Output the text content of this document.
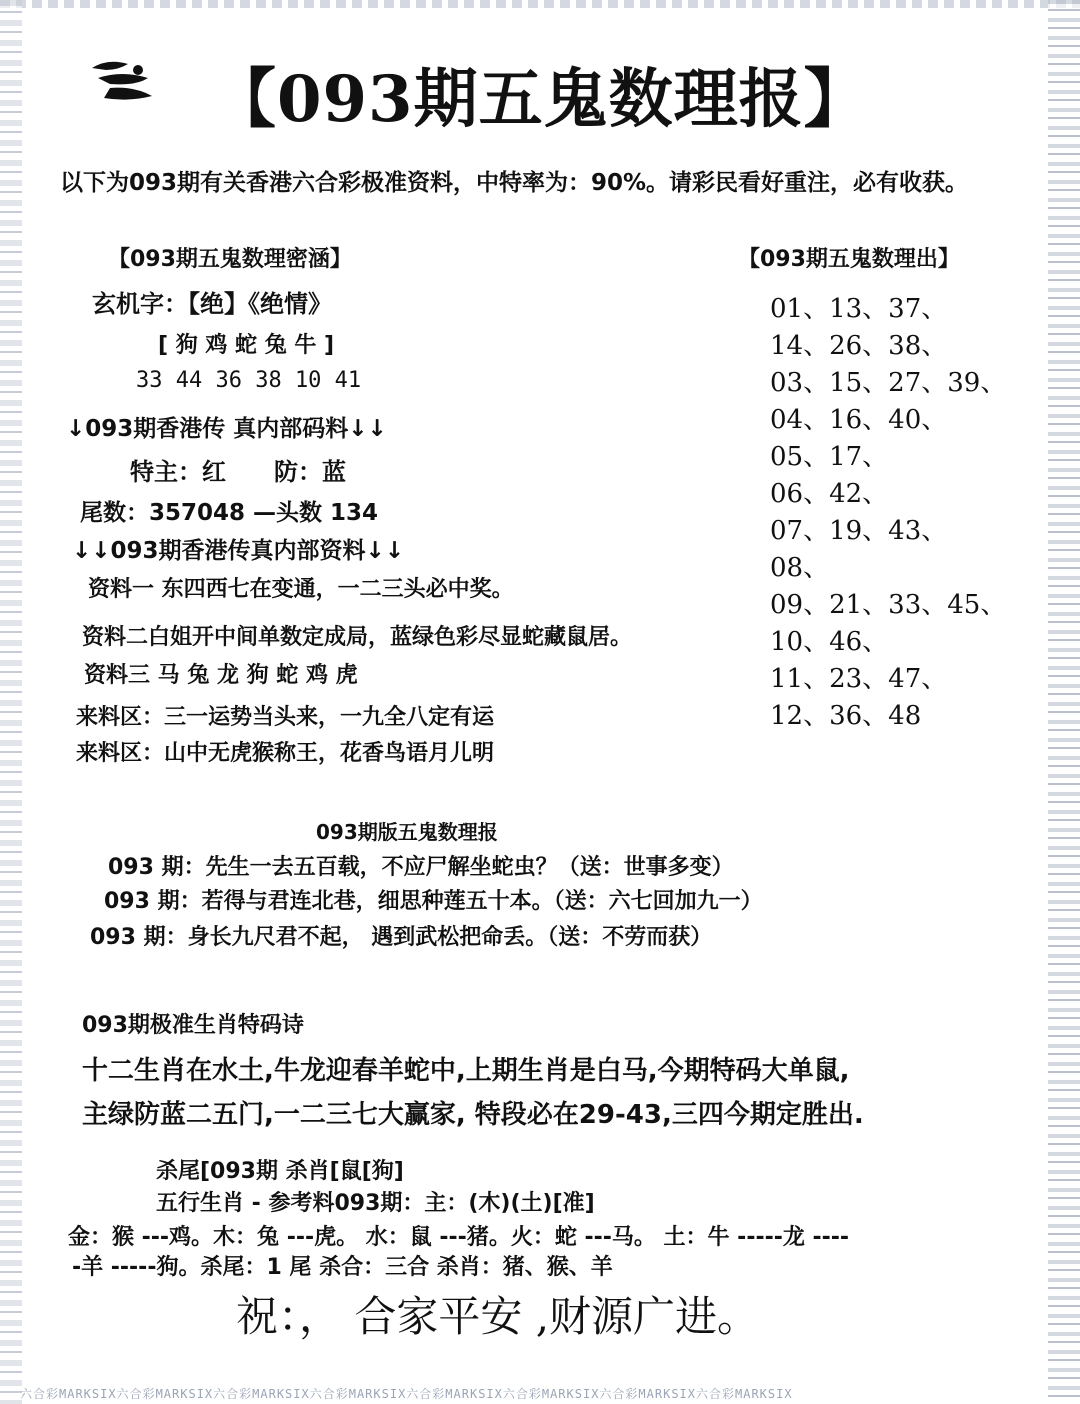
【093期五鬼数理报】
以下为093期有关香港六合彩极准资料，中特率为：90%。请彩民看好重注，必有收获。
【093期五鬼数理密涵】
玄机字：【绝】《绝情》
[ 狗 鸡 蛇 兔 牛 ]
33 44 36 38 10 41
↓093期香港传 真内部码料↓↓
特主：红　　防：蓝
尾数：357048 —头数 134
↓↓093期香港传真内部资料↓↓
资料一 东四西七在变通，一二三头必中奖。
资料二白姐开中间单数定成局，蓝绿色彩尽显蛇藏鼠居。
资料三 马 兔 龙 狗 蛇 鸡 虎
来料区：三一运势当头来，一九全八定有运
来料区：山中无虎猴称王，花香鸟语月儿明
【093期五鬼数理出】
01、13、37、
14、26、38、
03、15、27、39、
04、16、40、
05、17、
06、42、
07、19、43、
08、
09、21、33、45、
10、46、
11、23、47、
12、36、48
093期版五鬼数理报
093 期：先生一去五百载，不应尸解坐蛇虫？（送：世事多变）
093 期：若得与君连北巷，细思种莲五十本。（送：六七回加九一）
093 期：身长九尺君不起， 遇到武松把命丢。（送：不劳而获）
093期极准生肖特码诗
十二生肖在水土,牛龙迎春羊蛇中,上期生肖是白马,今期特码大单鼠,
主绿防蓝二五门,一二三七大赢家, 特段必在29-43,三四今期定胜出.
杀尾[093期 杀肖[鼠[狗]
五行生肖 - 参考料093期：主：(木)(土)[准]
金：猴 ---鸡。木：兔 ---虎。 水：鼠 ---猪。火：蛇 ---马。 土：牛 -----龙 ----
-羊 -----狗。杀尾：1 尾 杀合：三合 杀肖：猪、猴、羊
祝：， 合家平安 ,财源广进。
六合彩MARKSIX六合彩MARKSIX六合彩MARKSIX六合彩MARKSIX六合彩MARKSIX六合彩MARKSIX六合彩MARKSIX六合彩MARKSIX
